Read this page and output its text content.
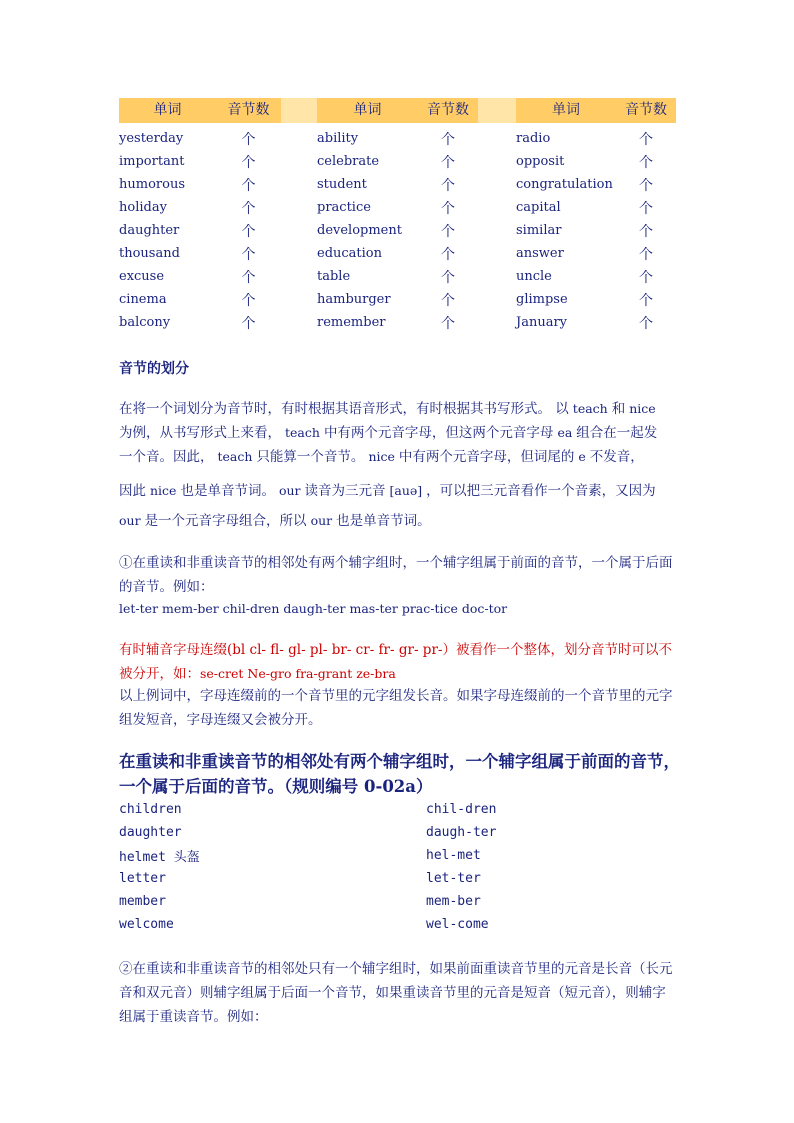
单词	音节数	单词	音节数	单词	音节数
yesterday	个	ability	个	radio	个
important	个	celebrate	个	opposit	个
humorous	个	student	个	congratulation	个
holiday	个	practice	个	capital	个
daughter	个	development	个	similar	个
thousand	个	education	个	answer	个
excuse	个	table	个	uncle	个
cinema	个	hamburger	个	glimpse	个
balcony	个	remember	个	January	个
音节的划分
在将一个词划分为音节时，有时根据其语音形式，有时根据其书写形式。 以 teach 和 nice
为例，从书写形式上来看， teach 中有两个元音字母，但这两个元音字母 ea 组合在一起发
一个音。因此， teach 只能算一个音节。 nice 中有两个元音字母，但词尾的 e 不发音，
因此 nice 也是单音节词。 our 读音为三元音 [auə] ，可以把三元音看作一个音素，又因为
our 是一个元音字母组合，所以 our 也是单音节词。
①在重读和非重读音节的相邻处有两个辅字组时，一个辅字组属于前面的音节，一个属于后面的音节。例如：
let-ter mem-ber chil-dren daugh-ter mas-ter prac-tice doc-tor
有时辅音字母连缀(bl cl- fl- gl- pl- br- cr- fr- gr- pr-）被看作一个整体，划分音节时可以不被分开，如：se-cret Ne-gro fra-grant ze-bra
以上例词中，字母连缀前的一个音节里的元字组发长音。如果字母连缀前的一个音节里的元字组发短音，字母连缀又会被分开。
在重读和非重读音节的相邻处有两个辅字组时，一个辅字组属于前面的音节，一个属于后面的音节。（规则编号 0-02a）
children	chil-dren
daughter	daugh-ter
helmet 头盔	hel-met
letter	let-ter
member	mem-ber
welcome	wel-come
②在重读和非重读音节的相邻处只有一个辅字组时，如果前面重读音节里的元音是长音（长元音和双元音）则辅字组属于后面一个音节，如果重读音节里的元音是短音（短元音），则辅字组属于重读音节。例如：
